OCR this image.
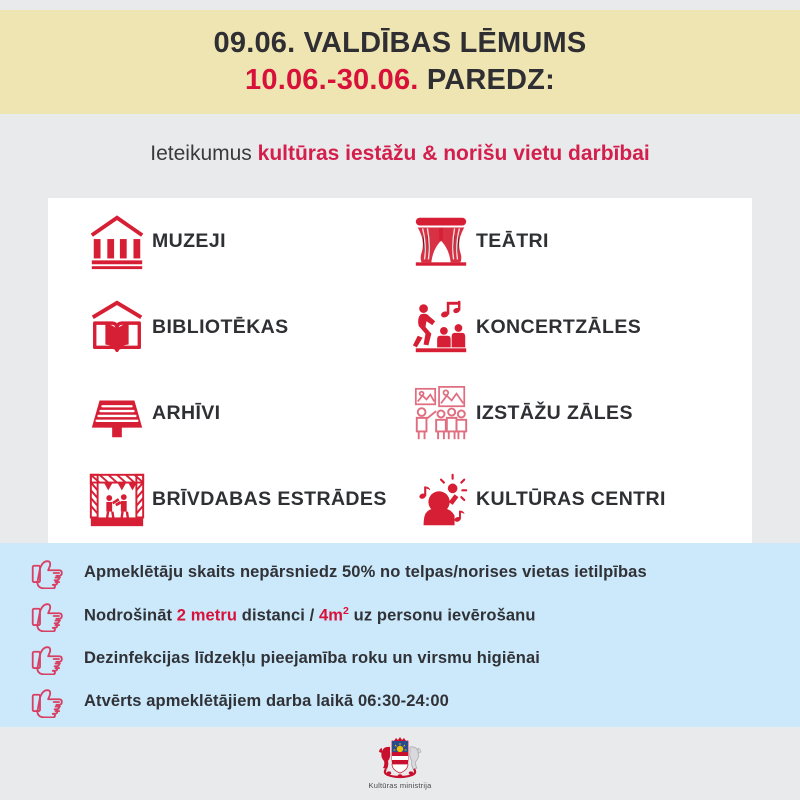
09.06. VALDĪBAS LĒMUMS
10.06.-30.06. PAREDZ:
Ieteikumus kultūras iestāžu & norišu vietu darbībai
MUZEJI	TEĀTRI
BIBLIOTĒKAS	KONCERTZĀLES
ARHĪVI	IZSTĀŽU ZĀLES
BRĪVDABAS ESTRĀDES	KULTŪRAS CENTRI
Apmeklētāju skaits nepārsniedz 50% no telpas/norises vietas ietilpības
Nodrošināt 2 metru distanci / $4m^2$ uz personu ievērošanu
Dezinfekcijas līdzekļu pieejamība roku un virsmu higiēnai
Atvērts apmeklētājiem darba laikā 06:30-24:00
Kultūras ministrija
